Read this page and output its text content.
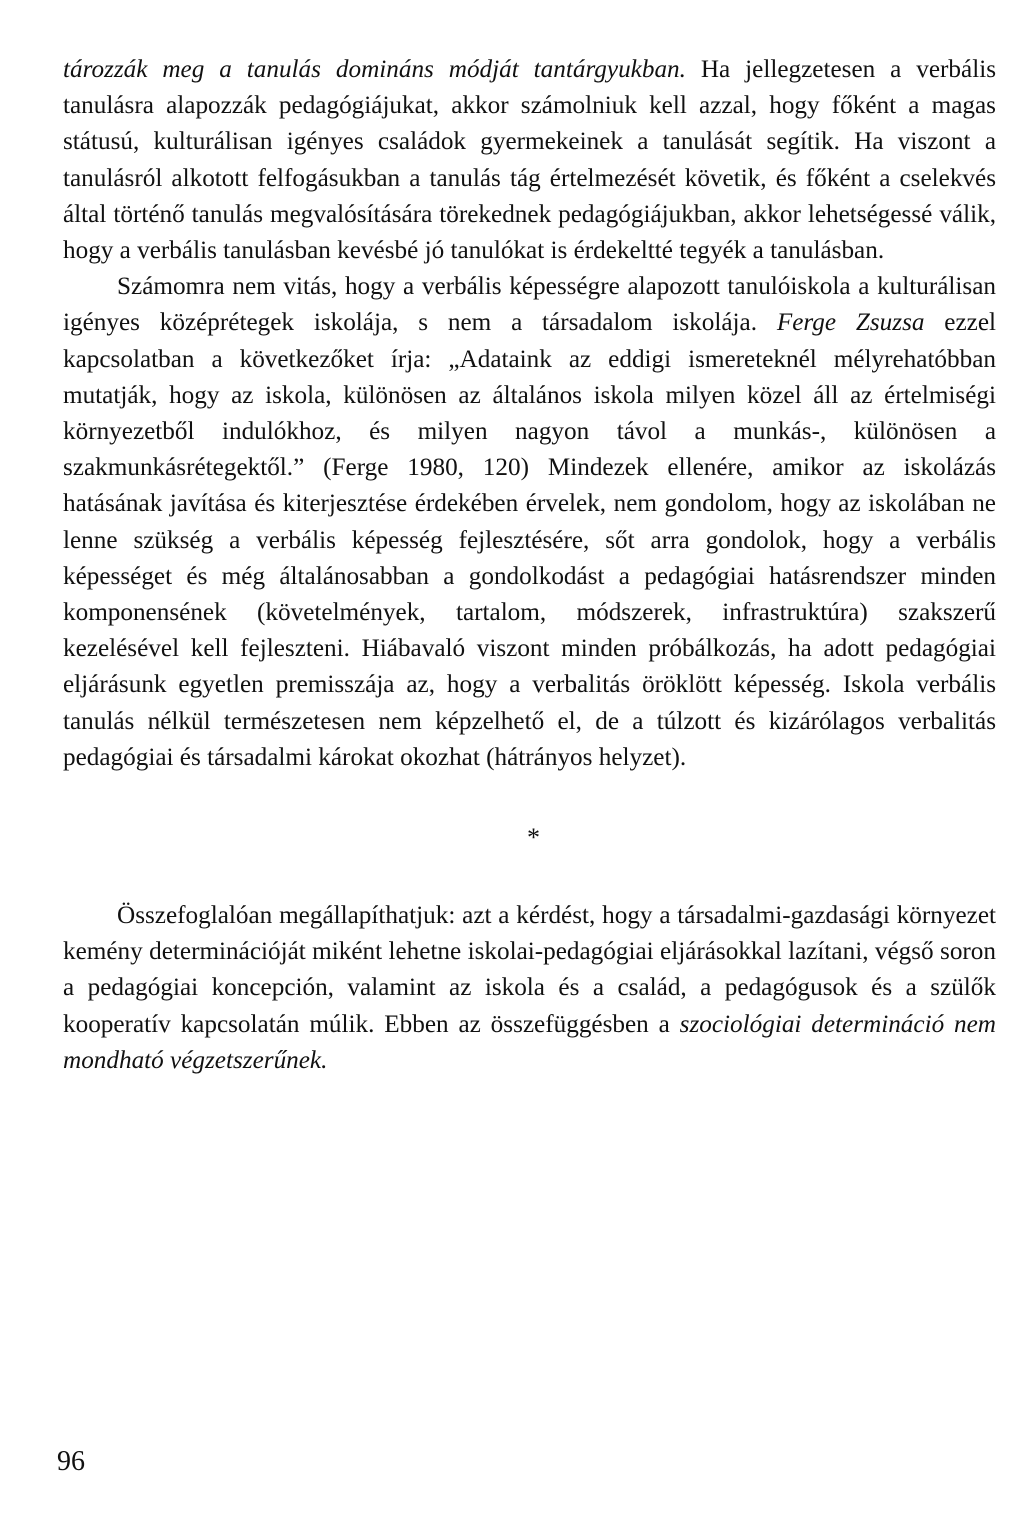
tározzák meg a tanulás domináns módját tantárgyukban. Ha jellegzetesen a verbális tanulásra alapozzák pedagógiájukat, akkor számolniuk kell azzal, hogy főként a magas státusú, kulturálisan igényes családok gyermekeinek a tanulását segítik. Ha viszont a tanulásról alkotott felfogásukban a tanulás tág értelmezését követik, és főként a cselekvés által történő tanulás megvalósítására törekednek pedagógiájukban, akkor lehetségessé válik, hogy a verbális tanulásban kevésbé jó tanulókat is érdekeltté tegyék a tanulásban.

Számomra nem vitás, hogy a verbális képességre alapozott tanulóiskola a kulturálisan igényes középrétegek iskolája, s nem a társadalom iskolája. Ferge Zsuzsa ezzel kapcsolatban a következőket írja: „Adataink az eddigi ismereteknél mélyrehatóbban mutatják, hogy az iskola, különösen az általános iskola milyen közel áll az értelmiségi környezetből indulókhoz, és milyen nagyon távol a munkás-, különösen a szakmunkásrétegektől.” (Ferge 1980, 120) Mindezek ellenére, amikor az iskolázás hatásának javítása és kiterjesztése érdekében érvelek, nem gondolom, hogy az iskolában ne lenne szükség a verbális képesség fejlesztésére, sőt arra gondolok, hogy a verbális képességet és még általánosabban a gondolkodást a pedagógiai hatásrendszer minden komponensének (követelmények, tartalom, módszerek, infrastruktúra) szakszerű kezelésével kell fejleszteni. Hiábavaló viszont minden próbálkozás, ha adott pedagógiai eljárásunk egyetlen premisszája az, hogy a verbalitás öröklött képesség. Iskola verbális tanulás nélkül természetesen nem képzelhető el, de a túlzott és kizárólagos verbalitás pedagógiai és társadalmi károkat okozhat (hátrányos helyzet).

*

Összefoglalóan megállapíthatjuk: azt a kérdést, hogy a társadalmi-gazdasági környezet kemény determinációját miként lehetne iskolai-pedagógiai eljárásokkal lazítani, végső soron a pedagógiai koncepción, valamint az iskola és a család, a pedagógusok és a szülők kooperatív kapcsolatán múlik. Ebben az összefüggésben a szociológiai determináció nem mondható végzetszerűnek.

96
